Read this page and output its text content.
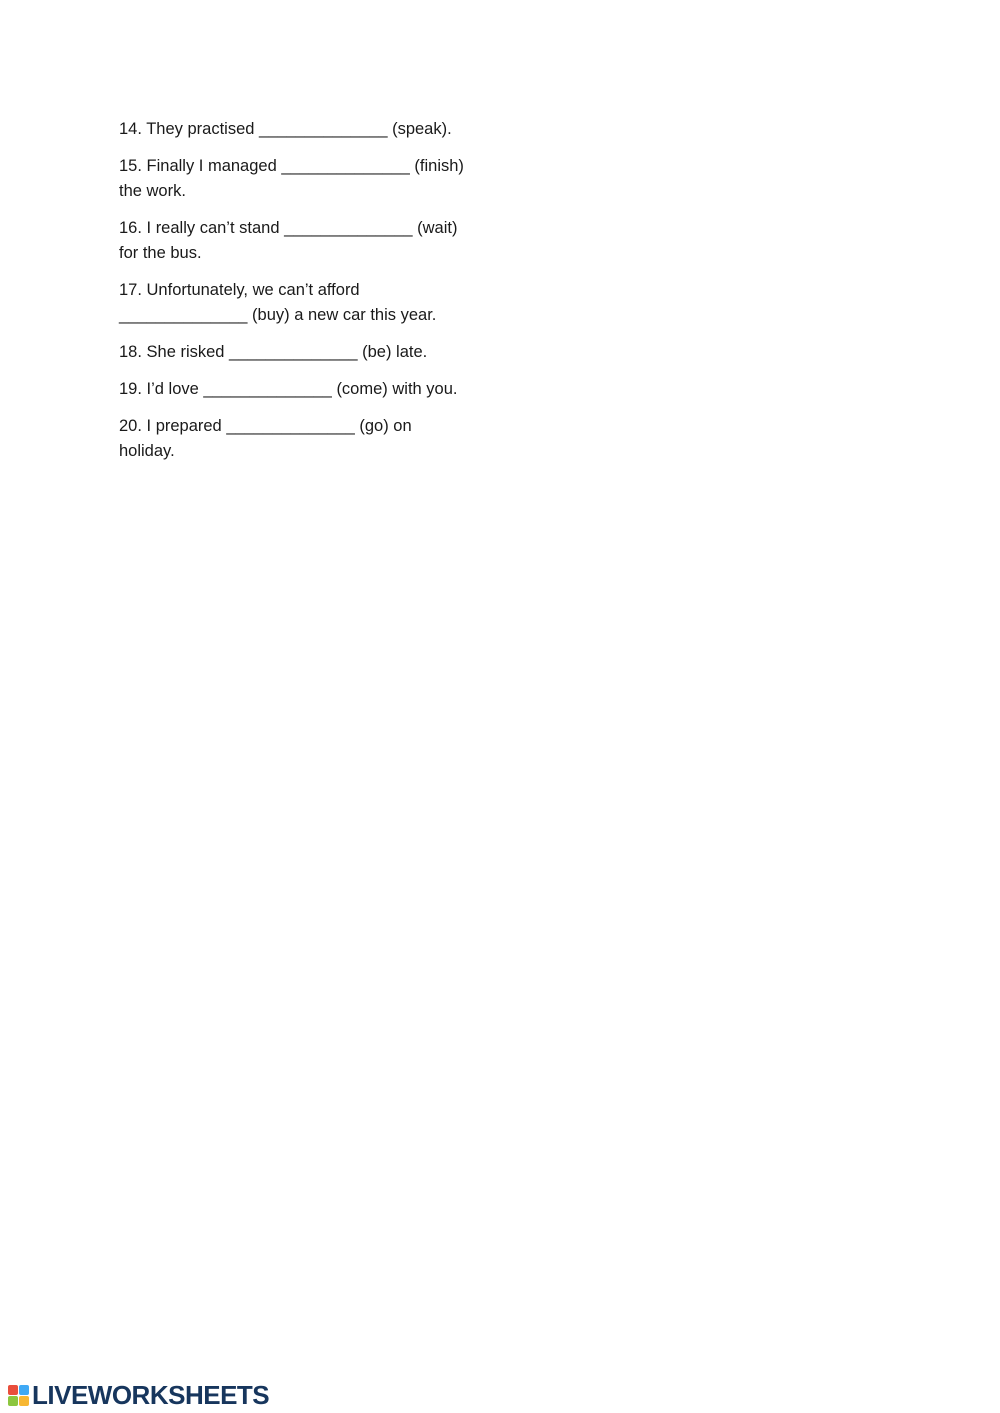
14. They practised ______________ (speak).

15. Finally I managed ______________ (finish)

the work.

16. I really can’t stand ______________ (wait)

for the bus.

17. Unfortunately, we can’t afford

______________ (buy) a new car this year.

18. She risked ______________ (be) late.

19. I’d love ______________ (come) with you.

20. I prepared ______________ (go) on

holiday.

LIVEWORKSHEETS
